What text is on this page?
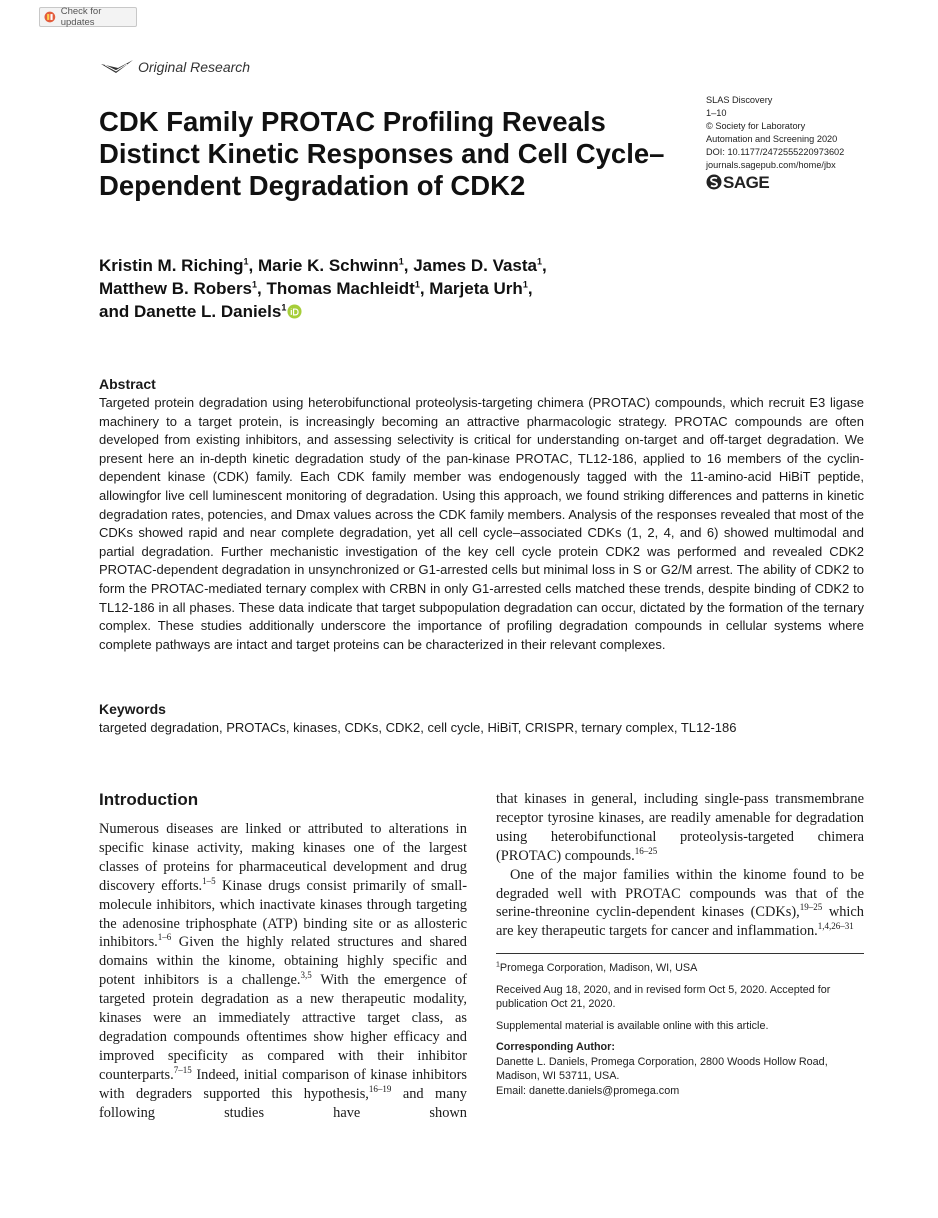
Check for updates
Original Research
SLAS Discovery
1–10
© Society for Laboratory
Automation and Screening 2020
DOI: 10.1177/2472555220973602
journals.sagepub.com/home/jbx
SAGE
CDK Family PROTAC Profiling Reveals Distinct Kinetic Responses and Cell Cycle–Dependent Degradation of CDK2
Kristin M. Riching$^1$, Marie K. Schwinn$^1$, James D. Vasta$^1$,
Matthew B. Robers$^1$, Thomas Machleidt$^1$, Marjeta Urh$^1$,
and Danette L. Daniels$^1$
Abstract

Targeted protein degradation using heterobifunctional proteolysis-targeting chimera (PROTAC) compounds, which recruit E3 ligase machinery to a target protein, is increasingly becoming an attractive pharmacologic strategy. PROTAC compounds are often developed from existing inhibitors, and assessing selectivity is critical for understanding on-target and off-target degradation. We present here an in-depth kinetic degradation study of the pan-kinase PROTAC, TL12-186, applied to 16 members of the cyclin-dependent kinase (CDK) family. Each CDK family member was endogenously tagged with the 11-amino-acid HiBiT peptide, allowingfor live cell luminescent monitoring of degradation. Using this approach, we found striking differences and patterns in kinetic degradation rates, potencies, and Dmax values across the CDK family members. Analysis of the responses revealed that most of the CDKs showed rapid and near complete degradation, yet all cell cycle–associated CDKs (1, 2, 4, and 6) showed multimodal and partial degradation. Further mechanistic investigation of the key cell cycle protein CDK2 was performed and revealed CDK2 PROTAC-dependent degradation in unsynchronized or G1-arrested cells but minimal loss in S or G2/M arrest. The ability of CDK2 to form the PROTAC-mediated ternary complex with CRBN in only G1-arrested cells matched these trends, despite binding of CDK2 to TL12-186 in all phases. These data indicate that target subpopulation degradation can occur, dictated by the formation of the ternary complex. These studies additionally underscore the importance of profiling degradation compounds in cellular systems where complete pathways are intact and target proteins can be characterized in their relevant complexes.

Keywords

targeted degradation, PROTACs, kinases, CDKs, CDK2, cell cycle, HiBiT, CRISPR, ternary complex, TL12-186

Introduction

Numerous diseases are linked or attributed to alterations in specific kinase activity, making kinases one of the largest classes of proteins for pharmaceutical development and drug discovery efforts.$^{1-5}$ Kinase drugs consist primarily of small-molecule inhibitors, which inactivate kinases through targeting the adenosine triphosphate (ATP) binding site or as allosteric inhibitors.$^{1-6}$ Given the highly related structures and shared domains within the kinome, obtaining highly specific and potent inhibitors is a challenge.$^{3,5}$ With the emergence of targeted protein degradation as a new therapeutic modality, kinases were an immediately attractive target class, as degradation compounds oftentimes show higher efficacy and improved specificity as compared with their inhibitor counterparts.$^{7-15}$ Indeed, initial comparison of kinase inhibitors with degraders supported this hypothesis,$^{16-19}$ and many following studies have shown

that kinases in general, including single-pass transmembrane receptor tyrosine kinases, are readily amenable for degradation using heterobifunctional proteolysis-targeted chimera (PROTAC) compounds.$^{16-25}$

One of the major families within the kinome found to be degraded well with PROTAC compounds was that of the serine-threonine cyclin-dependent kinases (CDKs),$^{19-25}$ which are key therapeutic targets for cancer and inflammation.$^{1,4,26-31}$

$^1$Promega Corporation, Madison, WI, USA

Received Aug 18, 2020, and in revised form Oct 5, 2020. Accepted for publication Oct 21, 2020.

Supplemental material is available online with this article.

Corresponding Author:
Danette L. Daniels, Promega Corporation, 2800 Woods Hollow Road,
Madison, WI 53711, USA.
Email: danette.daniels@promega.com
